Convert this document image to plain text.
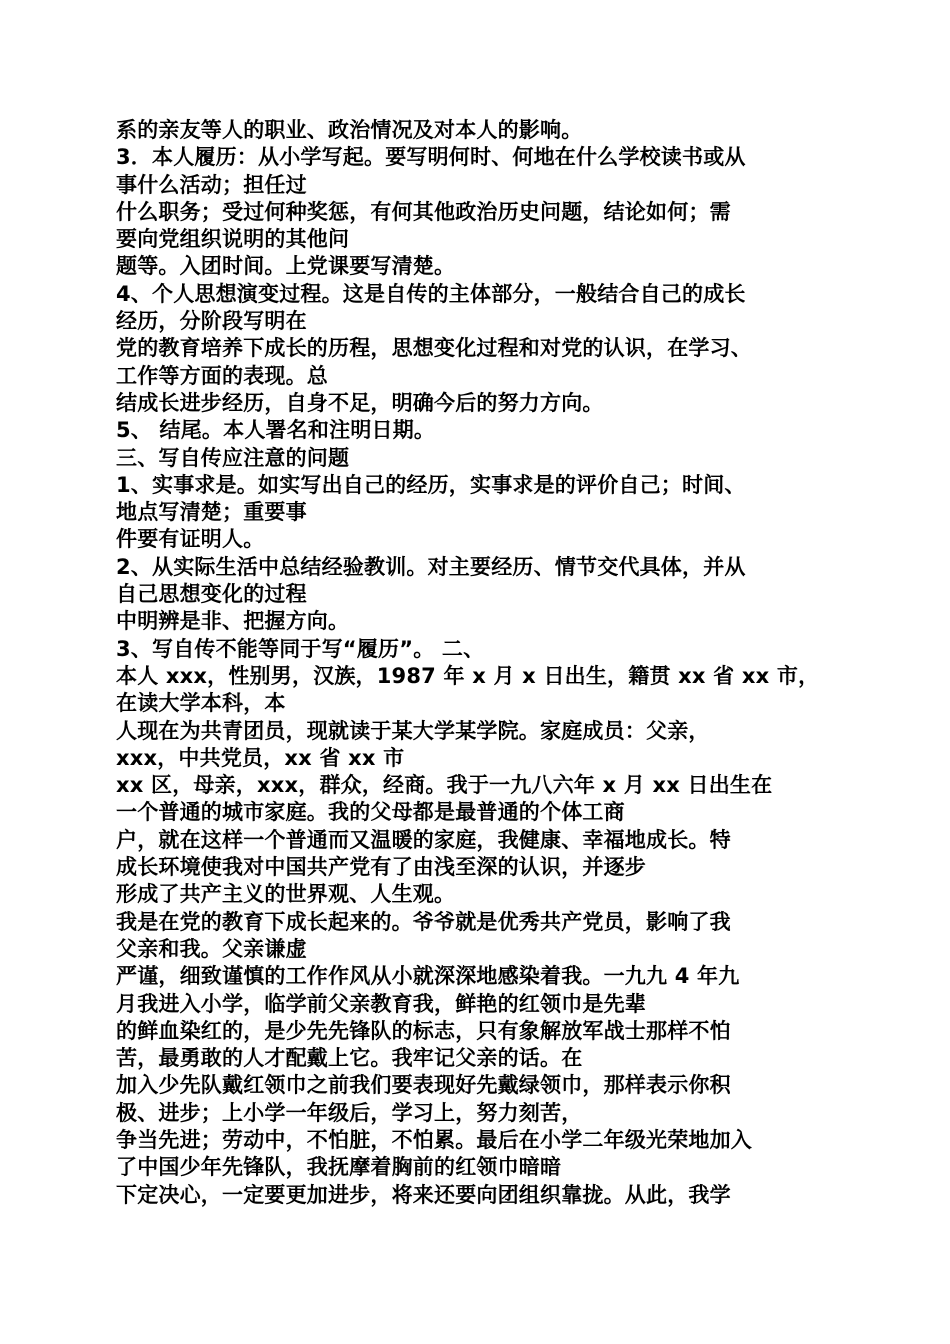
系的亲友等人的职业、政治情况及对本人的影响。
3．本人履历：从小学写起。要写明何时、何地在什么学校读书或从
事什么活动；担任过
什么职务；受过何种奖惩，有何其他政治历史问题，结论如何；需
要向党组织说明的其他问
题等。入团时间。上党课要写清楚。
4、个人思想演变过程。这是自传的主体部分，一般结合自己的成长
经历，分阶段写明在
党的教育培养下成长的历程，思想变化过程和对党的认识，在学习、
工作等方面的表现。总
结成长进步经历，自身不足，明确今后的努力方向。
5、 结尾。本人署名和注明日期。
三、写自传应注意的问题
1、实事求是。如实写出自己的经历，实事求是的评价自己；时间、
地点写清楚；重要事
件要有证明人。
2、从实际生活中总结经验教训。对主要经历、情节交代具体，并从
自己思想变化的过程
中明辨是非、把握方向。
3、写自传不能等同于写“履历”。 二、
本人 xxx，性别男，汉族，1987 年 x 月 x 日出生，籍贯 xx 省 xx 市，
在读大学本科，本
人现在为共青团员，现就读于某大学某学院。家庭成员：父亲，
xxx，中共党员，xx 省 xx 市
xx 区，母亲，xxx，群众，经商。我于一九八六年 x 月 xx 日出生在
一个普通的城市家庭。我的父母都是最普通的个体工商
户，就在这样一个普通而又温暖的家庭，我健康、幸福地成长。特
成长环境使我对中国共产党有了由浅至深的认识，并逐步
形成了共产主义的世界观、人生观。
我是在党的教育下成长起来的。爷爷就是优秀共产党员，影响了我
父亲和我。父亲谦虚
严谨，细致谨慎的工作作风从小就深深地感染着我。一九九 4 年九
月我进入小学，临学前父亲教育我，鲜艳的红领巾是先辈
的鲜血染红的，是少先先锋队的标志，只有象解放军战士那样不怕
苦，最勇敢的人才配戴上它。我牢记父亲的话。在
加入少先队戴红领巾之前我们要表现好先戴绿领巾，那样表示你积
极、进步；上小学一年级后，学习上，努力刻苦，
争当先进；劳动中，不怕脏，不怕累。最后在小学二年级光荣地加入
了中国少年先锋队，我抚摩着胸前的红领巾暗暗
下定决心，一定要更加进步，将来还要向团组织靠拢。从此，我学
